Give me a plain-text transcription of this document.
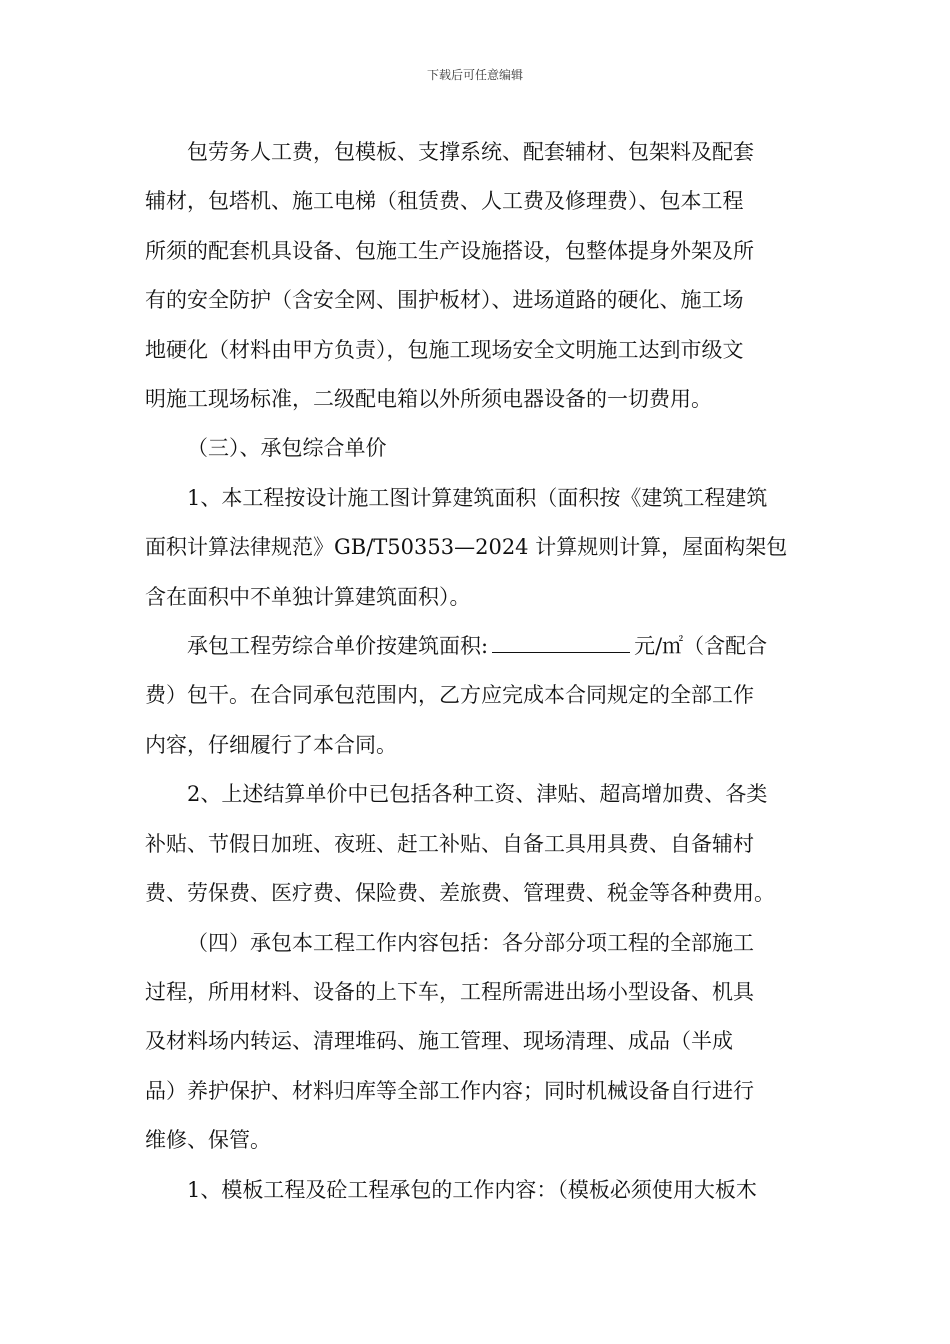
下载后可任意编辑

包劳务人工费，包模板、支撑系统、配套辅材、包架料及配套
辅材，包塔机、施工电梯（租赁费、人工费及修理费）、包本工程
所须的配套机具设备、包施工生产设施搭设，包整体提身外架及所
有的安全防护（含安全网、围护板材）、进场道路的硬化、施工场
地硬化（材料由甲方负责），包施工现场安全文明施工达到市级文
明施工现场标准，二级配电箱以外所须电器设备的一切费用。

（三）、承包综合单价

1、本工程按设计施工图计算建筑面积（面积按《建筑工程建筑
面积计算法律规范》GB/T50353—2024 计算规则计算，屋面构架包
含在面积中不单独计算建筑面积）。

承包工程劳综合单价按建筑面积:	元/㎡（含配合
费）包干。在合同承包范围内，乙方应完成本合同规定的全部工作
内容，仔细履行了本合同。

2、上述结算单价中已包括各种工资、津贴、超高增加费、各类
补贴、节假日加班、夜班、赶工补贴、自备工具用具费、自备辅村
费、劳保费、医疗费、保险费、差旅费、管理费、税金等各种费用。

（四）承包本工程工作内容包括：各分部分项工程的全部施工
过程，所用材料、设备的上下车，工程所需进出场小型设备、机具
及材料场内转运、清理堆码、施工管理、现场清理、成品（半成
品）养护保护、材料归库等全部工作内容；同时机械设备自行进行
维修、保管。

1、模板工程及砼工程承包的工作内容：（模板必须使用大板木
